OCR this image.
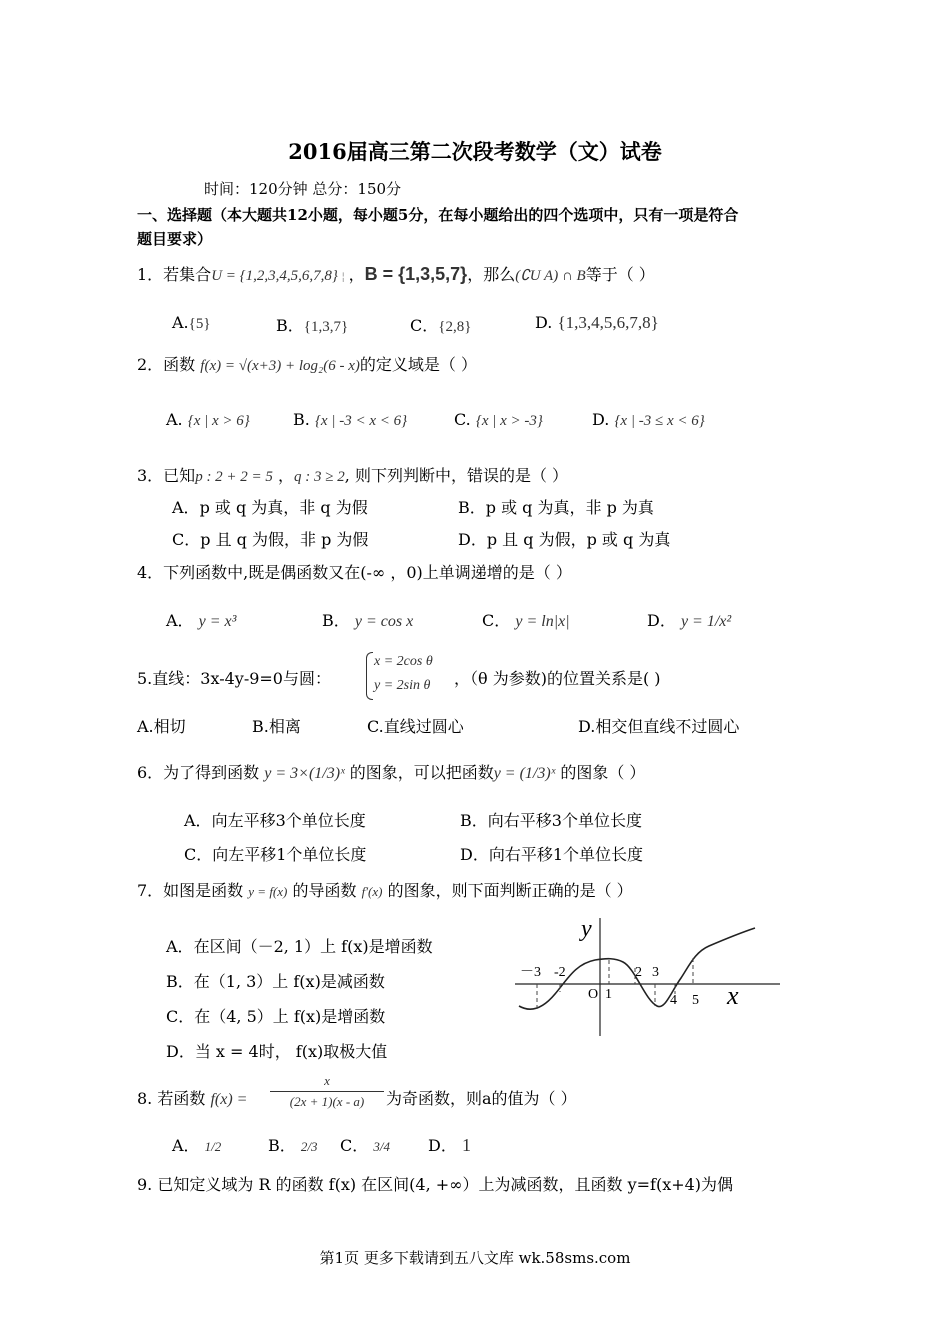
2016届高三第二次段考数学（文）试卷
时间：120分钟 总分：150分
一、选择题（本大题共12小题，每小题5分，在每小题给出的四个选项中，只有一项是符合
题目要求）
1．若集合U = {1,2,3,4,5,6,7,8} ¦ ，B = {1,3,5,7}，那么(∁U A) ∩ B等于（ ）
A.{5}	B．{1,3,7}	C．{2,8}	D. {1,3,4,5,6,7,8}
2．函数 f(x) = √(x+3) + log₂(6 - x)的定义域是（ ）
A. {x | x > 6}	B. {x | -3 < x < 6}	C. {x | x > -3}	D. {x | -3 ≤ x < 6}
3．已知p : 2 + 2 = 5 ，q : 3 ≥ 2, 则下列判断中，错误的是（ ）
A．p 或 q 为真，非 q 为假	B．p 或 q 为真，非 p 为真
C．p 且 q 为假，非 p 为假	D．p 且 q 为假，p 或 q 为真
4．下列函数中,既是偶函数又在(-∞ ，0)上单调递增的是（ ）
A． y = x³	B． y = cos x	C． y = ln|x|	D． y = 1/x²
5.直线：3x-4y-9=0与圆：
x = 2cos θ
y = 2sin θ ，（θ 为参数)的位置关系是( )
A.相切	B.相离	C.直线过圆心	D.相交但直线不过圆心
6．为了得到函数 y = 3×(1/3)ˣ 的图象，可以把函数y = (1/3)ˣ 的图象（ ）
A．向左平移3个单位长度	B．向右平移3个单位长度
C．向左平移1个单位长度	D．向右平移1个单位长度
7．如图是函数 y = f(x) 的导函数 f′(x) 的图象，则下面判断正确的是（ ）
A．在区间（－2, 1）上 f(x)是增函数
B．在（1, 3）上 f(x)是减函数
C．在（4, 5）上 f(x)是增函数
D．当 x = 4时， f(x)取极大值
y
x
O
－3 -2
1
2 3
4 5
8. 若函数 $f(x) = \frac{x}{(2x + 1)(x - a)}$ 为奇函数，则a的值为（ ）
A． 1/2	B． 2/3 C． 3/4 D． 1
9. 已知定义域为 R 的函数 f(x) 在区间(4, +∞）上为减函数，且函数 y=f(x+4)为偶
第1页 更多下载请到五八文库 wk.58sms.com
